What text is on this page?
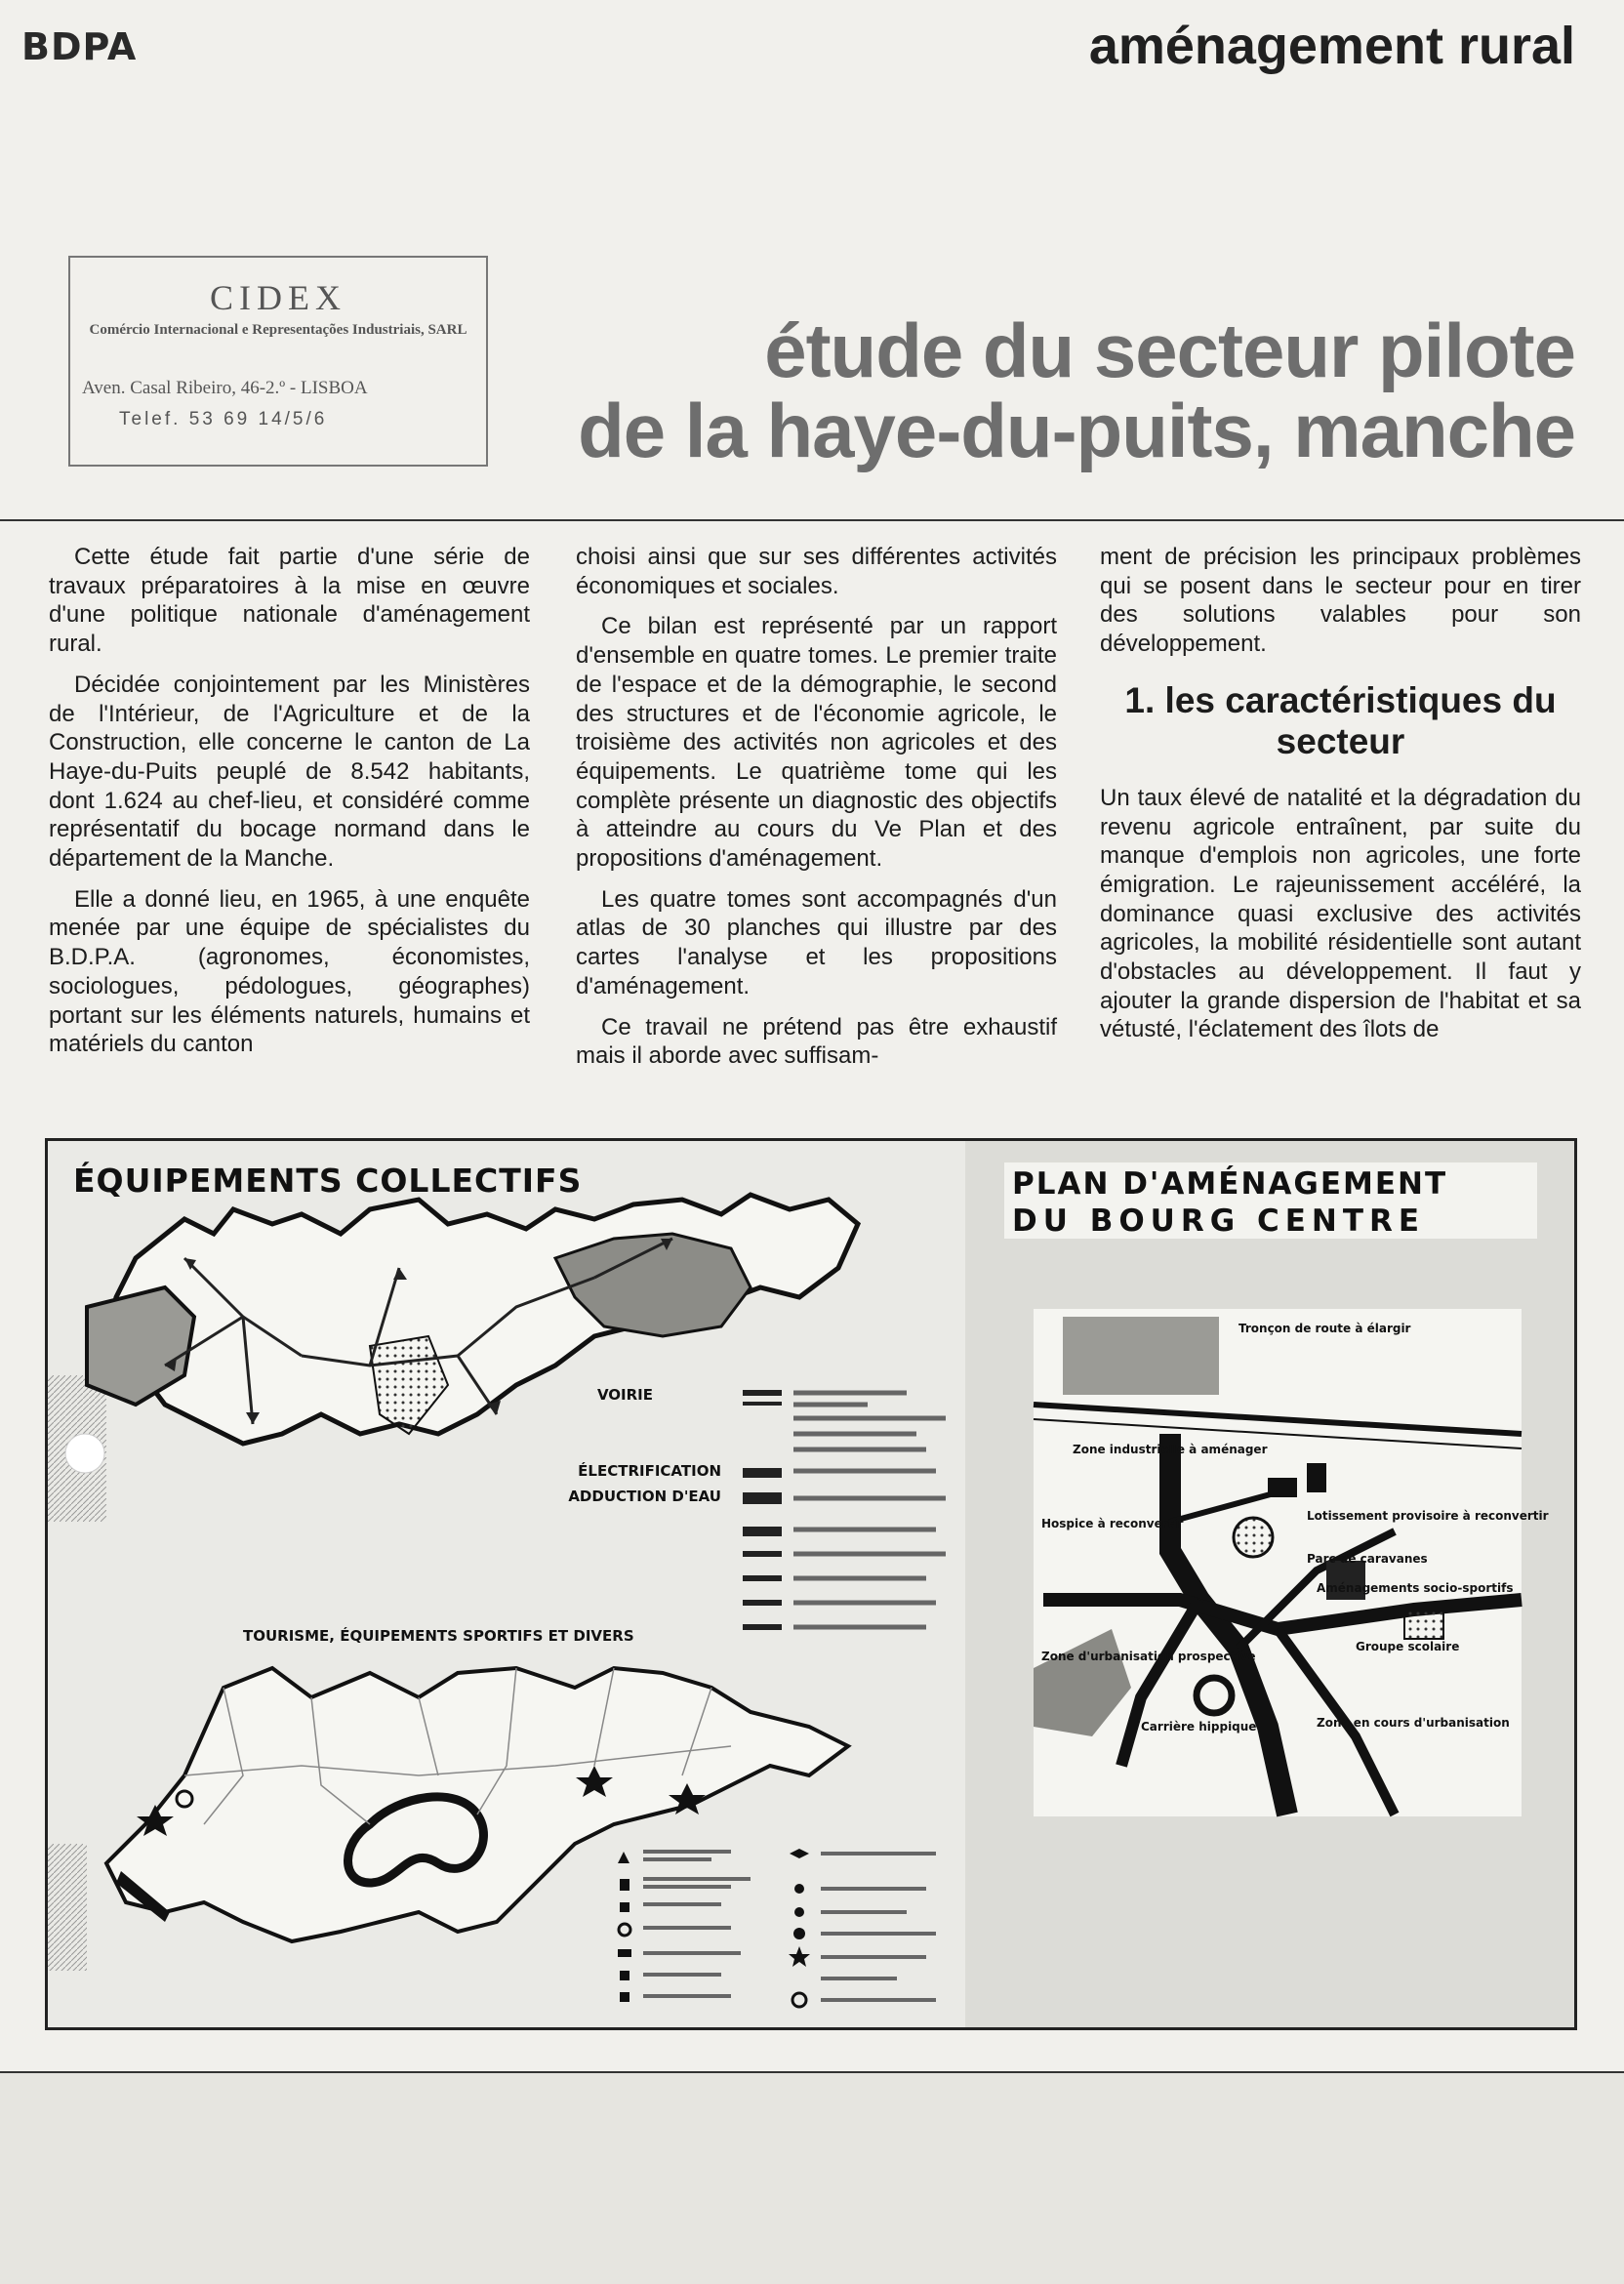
BDPA	aménagement rural
CIDEX
Comércio Internacional e Representações Industriais, SARL
Aven. Casal Ribeiro, 46-2.º - LISBOA
Telef. 53 69 14/5/6
étude du secteur pilote
de la haye-du-puits, manche

Cette étude fait partie d'une série de travaux préparatoires à la mise en œuvre d'une politique nationale d'aménagement rural.

Décidée conjointement par les Ministères de l'Intérieur, de l'Agriculture et de la Construction, elle concerne le canton de La Haye-du-Puits peuplé de 8.542 habitants, dont 1.624 au chef-lieu, et considéré comme représentatif du bocage normand dans le département de la Manche.

Elle a donné lieu, en 1965, à une enquête menée par une équipe de spécialistes du B.D.P.A. (agronomes, économistes, sociologues, pédologues, géographes) portant sur les éléments naturels, humains et matériels du canton

choisi ainsi que sur ses différentes activités économiques et sociales.

Ce bilan est représenté par un rapport d'ensemble en quatre tomes. Le premier traite de l'espace et de la démographie, le second des structures et de l'économie agricole, le troisième des activités non agricoles et des équipements. Le quatrième tome qui les complète présente un diagnostic des objectifs à atteindre au cours du Ve Plan et des propositions d'aménagement.

Les quatre tomes sont accompagnés d'un atlas de 30 planches qui illustre par des cartes l'analyse et les propositions d'aménagement.

Ce travail ne prétend pas être exhaustif mais il aborde avec suffisam-

ment de précision les principaux problèmes qui se posent dans le secteur pour en tirer des solutions valables pour son développement.

1. les caractéristiques du secteur

Un taux élevé de natalité et la dégradation du revenu agricole entraînent, par suite du manque d'emplois non agricoles, une forte émigration. Le rajeunissement accéléré, la dominance quasi exclusive des activités agricoles, la mobilité résidentielle sont autant d'obstacles au développement. Il faut y ajouter la grande dispersion de l'habitat et sa vétusté, l'éclatement des îlots de

ÉQUIPEMENTS COLLECTIFS	PLAN D'AMÉNAGEMENT
DU BOURG CENTRE
VOIRIE
ÉLECTRIFICATION
ADDUCTION D'EAU
TOURISME, ÉQUIPEMENTS SPORTIFS ET DIVERS
Tronçon de route à élargir
Zone industrielle à aménager
Lotissement provisoire à reconvertir
Hospice à reconvertir
Parc de caravanes
Aménagements socio-sportifs
Zone d'urbanisation prospective
Groupe scolaire
Carrière hippique	Zone en cours d'urbanisation
